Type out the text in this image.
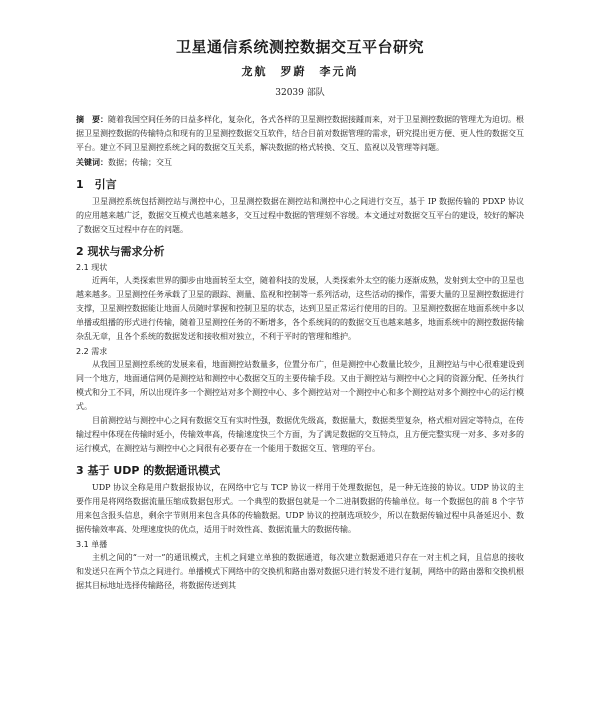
卫星通信系统测控数据交互平台研究
龙航　罗蔚　李元尚
32039 部队

摘　要：随着我国空间任务的日益多样化，复杂化，各式各样的卫星测控数据接踵而来，对于卫星测控数据的管理尤为迫切。根据卫星测控数据的传输特点和现有的卫星测控数据交互软件，结合目前对数据管理的需求，研究提出更方便、更人性的数据交互平台。建立不同卫星测控系统之间的数据交互关系，解决数据的格式转换、交互、监视以及管理等问题。

关键词：数据；传输；交互

1　引言

卫星测控系统包括测控站与测控中心，卫星测控数据在测控站和测控中心之间进行交互，基于 IP 数据传输的 PDXP 协议的应用越来越广泛，数据交互模式也越来越多，交互过程中数据的管理刻不容缓。本文通过对数据交互平台的建设，较好的解决了数据交互过程中存在的问题。

2 现状与需求分析
2.1 现状

近两年，人类探索世界的脚步由地面转至太空，随着科技的发展，人类探索外太空的能力逐渐成熟，发射到太空中的卫星也越来越多。卫星测控任务承载了卫星的跟踪、测量、监视和控制等一系列活动，这些活动的操作，需要大量的卫星测控数据进行支撑，卫星测控数据能让地面人员随时掌握和控制卫星的状态，达到卫星正常运行使用的目的。卫星测控数据在地面系统中多以单播或组播的形式进行传输，随着卫星测控任务的不断增多，各个系统间的的数据交互也越来越多，地面系统中的测控数据传输杂乱无章，且各个系统的数据发送和接收相对独立，不利于平时的管理和维护。

2.2 需求

从我国卫星测控系统的发展来看，地面测控站数量多，位置分布广，但是测控中心数量比较少，且测控站与中心很难建设到同一个地方，地面通信网仍是测控站和测控中心数据交互的主要传输手段。又由于测控站与测控中心之间的资源分配、任务执行模式和分工不同，所以出现许多一个测控站对多个测控中心、多个测控站对一个测控中心和多个测控站对多个测控中心的运行模式。

目前测控站与测控中心之间有数据交互有实时性强，数据优先级高，数据量大，数据类型复杂，格式相对固定等特点，在传输过程中体现在传输时延小，传输效率高，传输速度快三个方面，为了满足数据的交互特点，且方便完整实现一对多、多对多的运行模式，在测控站与测控中心之间很有必要存在一个能用于数据交互、管理的平台。

3 基于 UDP 的数据通讯模式

UDP 协议全称是用户数据报协议，在网络中它与 TCP 协议一样用于处理数据包，是一种无连接的协议。UDP 协议的主要作用是将网络数据流量压缩成数据包形式。一个典型的数据包就是一个二进制数据的传输单位。每一个数据包的前 8 个字节用来包含报头信息，剩余字节则用来包含具体的传输数据。UDP 协议的控制选项较少，所以在数据传输过程中具备延迟小、数据传输效率高、处理速度快的优点，适用于时效性高、数据流量大的数据传输。

3.1 单播

主机之间的“一对一”的通讯模式，主机之间建立单独的数据通道，每次建立数据通道只存在一对主机之间，且信息的接收和发送只在两个节点之间进行。单播模式下网络中的交换机和路由器对数据只进行转发不进行复制，网络中的路由器和交换机根据其目标地址选择传输路径，将数据传送到其
